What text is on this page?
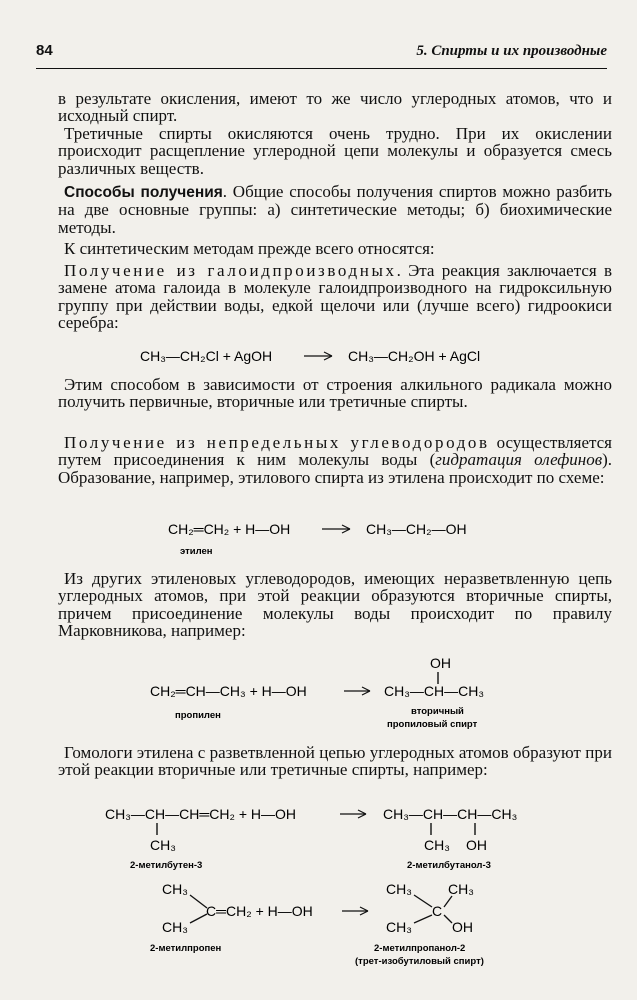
84	5. Спирты и их производные

в результате окисления, имеют то же число углеродных атомов, что и исходный спирт.

Третичные спирты окисляются очень трудно. При их окислении происходит расщепление углеродной цепи молекулы и образуется смесь различных веществ.

Способы получения. Общие способы получения спиртов можно разбить на две основные группы: а) синтетические методы; б) биохимические методы.

К синтетическим методам прежде всего относятся:

Получение из галоидпроизводных. Эта реакция заключается в замене атома галоида в молекуле галоидпроизводного на гидроксильную группу при действии воды, едкой щелочи или (лучше всего) гидроокиси серебра:

CH₃—CH₂Cl + AgOH	CH₃—CH₂OH + AgCl

Этим способом в зависимости от строения алкильного радикала можно получить первичные, вторичные или третичные спирты.

Получение из непредельных углеводородов осуществляется путем присоединения к ним молекулы воды (гидратация олефинов). Образование, например, этилового спирта из этилена происходит по схеме:

CH₂═CH₂ + H—OH	CH₃—CH₂—OH
этилен

Из других этиленовых углеводородов, имеющих неразветвленную цепь углеродных атомов, при этой реакции образуются вторичные спирты, причем присоединение молекулы воды происходит по правилу Марковникова, например:

OH
CH₂═CH—CH₃ + H—OH	CH₃—CH—CH₃
пропилен	вторичный
пропиловый спирт

Гомологи этилена с разветвленной цепью углеродных атомов образуют при этой реакции вторичные или третичные спирты, например:

CH₃—CH—CH═CH₂ + H—OH
CH₃
CH₃—CH—CH—CH₃
CH₃ OH
2-метилбутен-3	2-метилбутанол-3
CH₃
CH₃
C═CH₂ + H—OH
CH₃
CH₃
C
CH₃
OH
2-метилпропен	2-метилпропанол-2
(трет-изобутиловый спирт)
